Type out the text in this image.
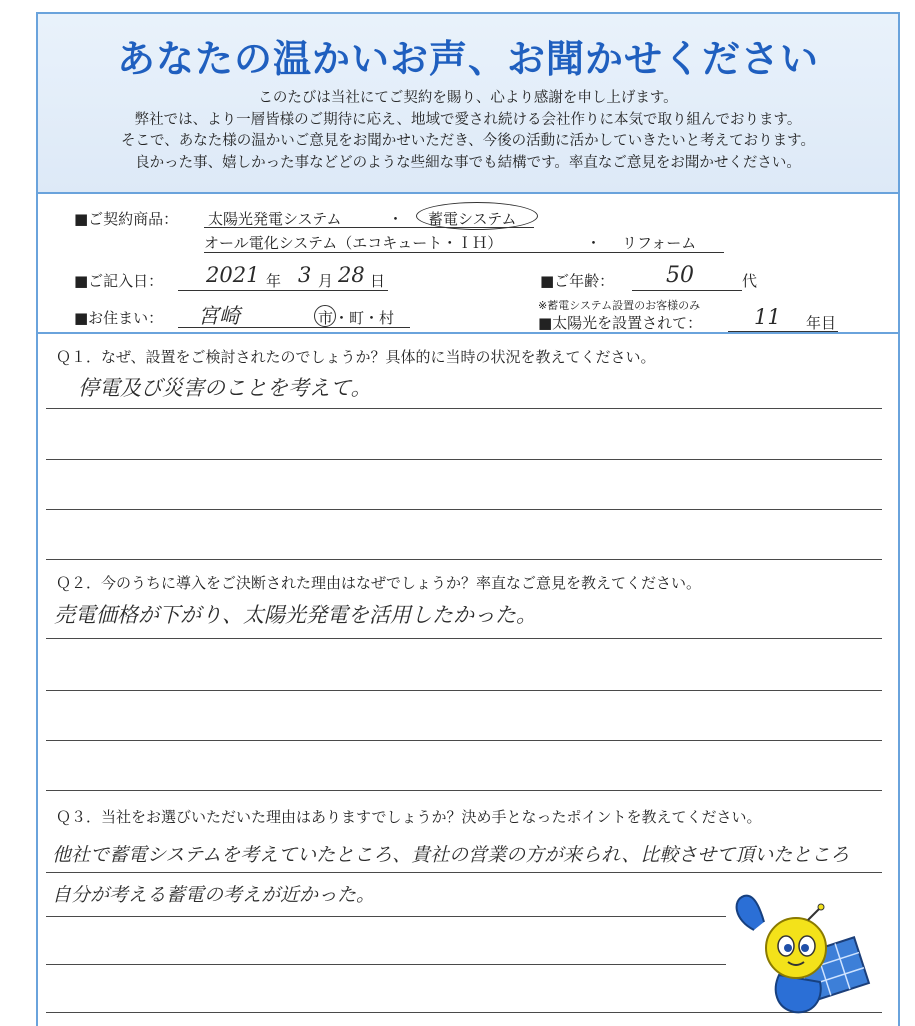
あなたの温かいお声、お聞かせください
このたびは当社にてご契約を賜り、心より感謝を申し上げます。
弊社では、より一層皆様のご期待に応え、地域で愛され続ける会社作りに本気で取り組んでおります。
そこで、あなた様の温かいご意見をお聞かせいただき、今後の活動に活かしていきたいと考えております。
良かった事、嬉しかった事などどのような些細な事でも結構です。率直なご意見をお聞かせください。
■ご契約商品： 太陽光発電システム	・ 蓄電システム
オール電化システム（エコキュート・ＩＨ）	・ リフォーム
■ご記入日： 2021 年 3 月 28 日	■ご年齢： 50	代
※蓄電システム設置のお客様のみ
■お住まい： 宮崎	市 ・町・村	■太陽光を設置されて： 11 年目
Ｑ１．なぜ、設置をご検討されたのでしょうか？具体的に当時の状況を教えてください。
停電及び災害のことを考えて。
Ｑ２．今のうちに導入をご決断された理由はなぜでしょうか？率直なご意見を教えてください。
売電価格が下がり、太陽光発電を活用したかった。
Ｑ３．当社をお選びいただいた理由はありますでしょうか？決め手となったポイントを教えてください。
他社で蓄電システムを考えていたところ、貴社の営業の方が来られ、比較させて頂いたところ
自分が考える蓄電の考えが近かった。
